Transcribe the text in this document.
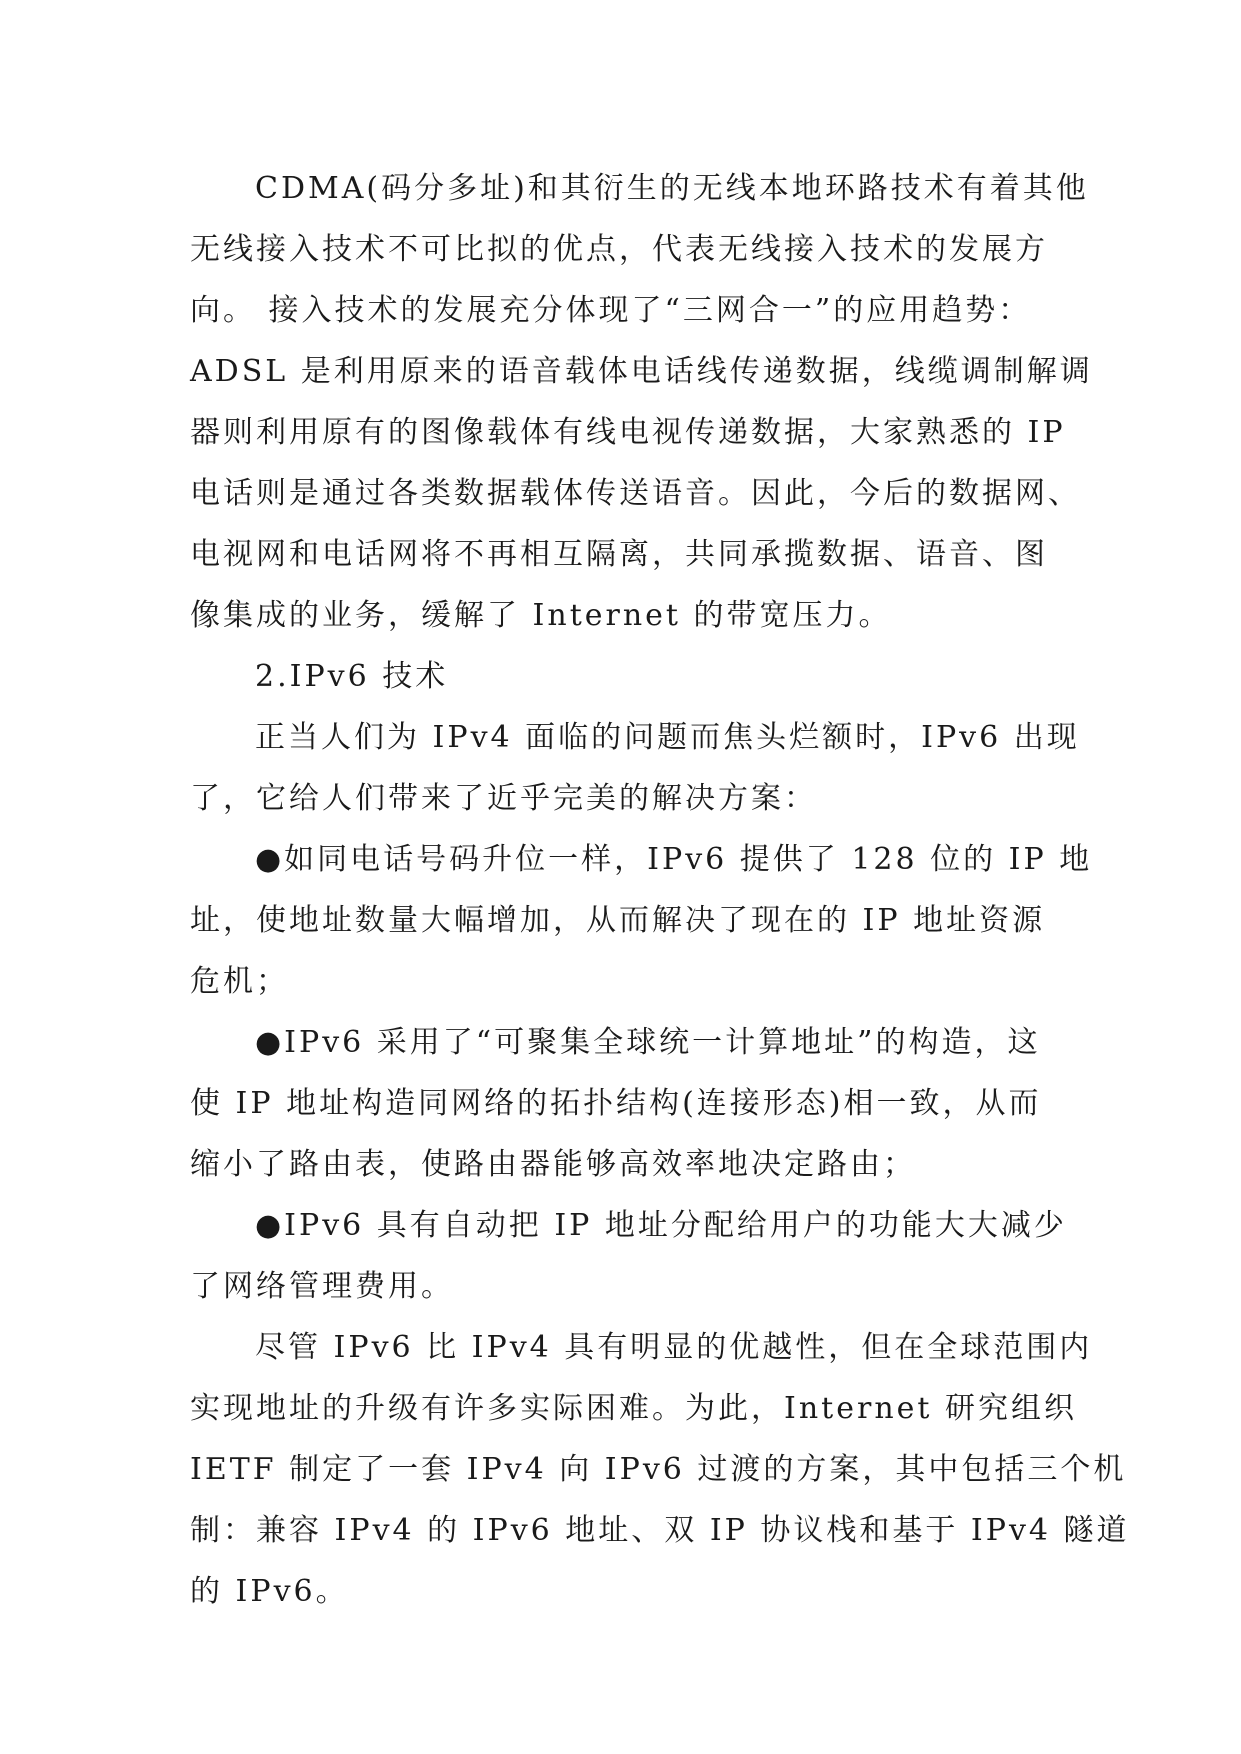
CDMA(码分多址)和其衍生的无线本地环路技术有着其他
无线接入技术不可比拟的优点，代表无线接入技术的发展方
向。 接入技术的发展充分体现了“三网合一”的应用趋势：
ADSL 是利用原来的语音载体电话线传递数据，线缆调制解调
器则利用原有的图像载体有线电视传递数据，大家熟悉的 IP
电话则是通过各类数据载体传送语音。因此，今后的数据网、
电视网和电话网将不再相互隔离，共同承揽数据、语音、图
像集成的业务，缓解了 Internet 的带宽压力。
2.IPv6 技术
正当人们为 IPv4 面临的问题而焦头烂额时，IPv6 出现
了，它给人们带来了近乎完美的解决方案：
●如同电话号码升位一样，IPv6 提供了 128 位的 IP 地
址，使地址数量大幅增加，从而解决了现在的 IP 地址资源
危机；
●IPv6 采用了“可聚集全球统一计算地址”的构造，这
使 IP 地址构造同网络的拓扑结构(连接形态)相一致，从而
缩小了路由表，使路由器能够高效率地决定路由；
●IPv6 具有自动把 IP 地址分配给用户的功能大大减少
了网络管理费用。
尽管 IPv6 比 IPv4 具有明显的优越性，但在全球范围内
实现地址的升级有许多实际困难。为此，Internet 研究组织
IETF 制定了一套 IPv4 向 IPv6 过渡的方案，其中包括三个机
制：兼容 IPv4 的 IPv6 地址、双 IP 协议栈和基于 IPv4 隧道
的 IPv6。
